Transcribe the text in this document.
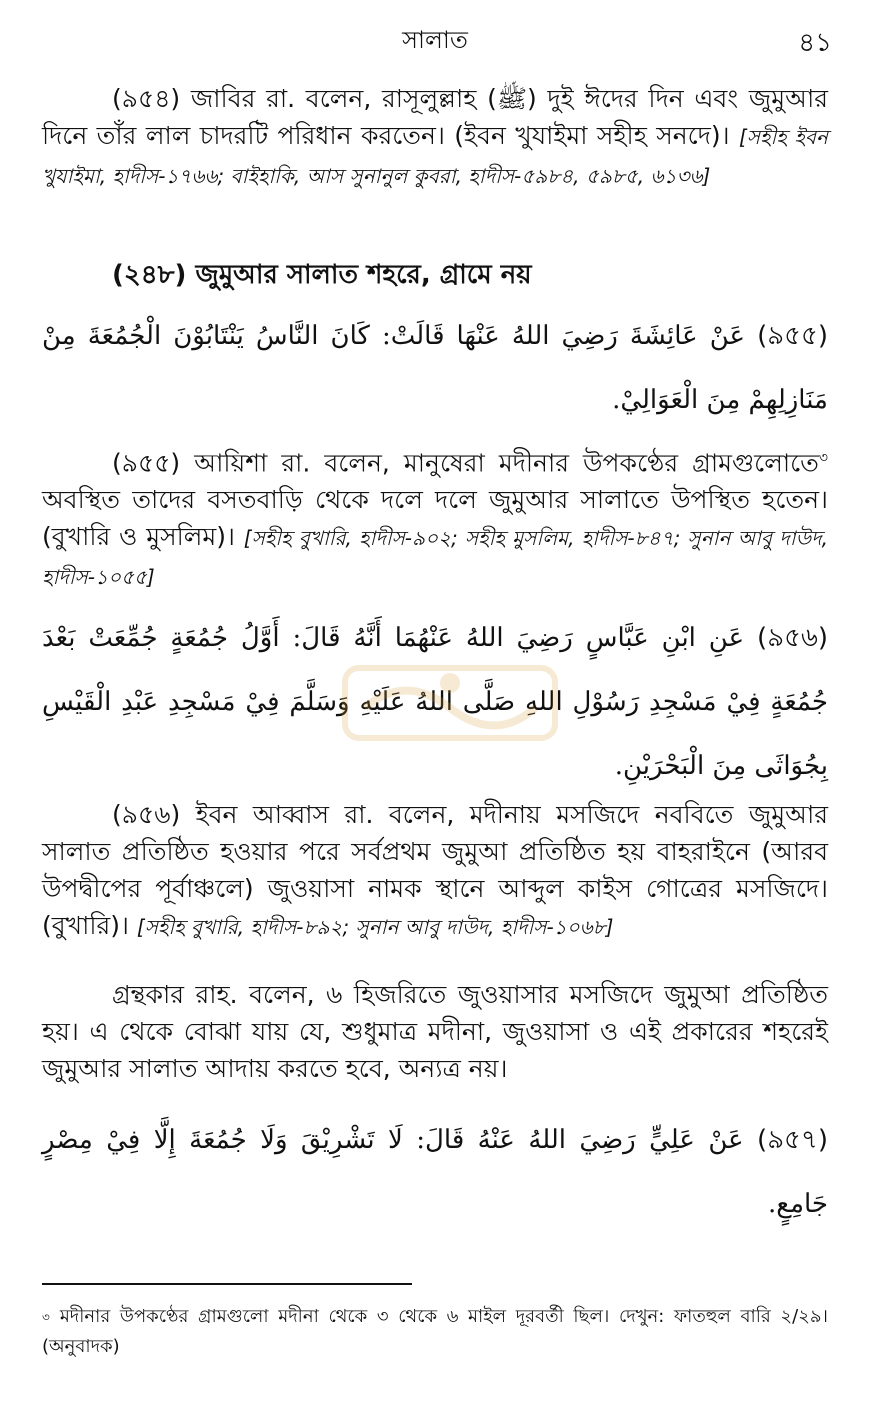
সালাত	৪১

(৯৫৪) জাবির রা. বলেন, রাসূলুল্লাহ (ﷺ) দুই ঈদের দিন এবং জুমুআর দিনে তাঁর লাল চাদরটি পরিধান করতেন। (ইবন খুযাইমা সহীহ সনদে)। [সহীহ ইবন খুযাইমা, হাদীস-১৭৬৬; বাইহাকি, আস সুনানুল কুবরা, হাদীস-৫৯৮৪, ৫৯৮৫, ৬১৩৬]

(২৪৮) জুমুআর সালাত শহরে, গ্রামে নয়

(৯৫৫) عَنْ عَائِشَةَ رَضِيَ اللهُ عَنْهَا قَالَتْ: كَانَ النَّاسُ يَنْتَابُوْنَ الْجُمُعَةَ مِنْ مَنَازِلِهِمْ مِنَ الْعَوَالِيْ.

(৯৫৫) আয়িশা রা. বলেন, মানুষেরা মদীনার উপকণ্ঠের গ্রামগুলোতে$^৩$ অবস্থিত তাদের বসতবাড়ি থেকে দলে দলে জুমুআর সালাতে উপস্থিত হতেন। (বুখারি ও মুসলিম)। [সহীহ বুখারি, হাদীস-৯০২; সহীহ মুসলিম, হাদীস-৮৪৭; সুনান আবু দাউদ, হাদীস-১০৫৫]

(৯৫৬) عَنِ ابْنِ عَبَّاسٍ رَضِيَ اللهُ عَنْهُمَا أَنَّهُ قَالَ: أَوَّلُ جُمُعَةٍ جُمِّعَتْ بَعْدَ جُمُعَةٍ فِيْ مَسْجِدِ رَسُوْلِ اللهِ صَلَّى اللهُ عَلَيْهِ وَسَلَّمَ فِيْ مَسْجِدِ عَبْدِ الْقَيْسِ بِجُوَاثَى مِنَ الْبَحْرَيْنِ.

(৯৫৬) ইবন আব্বাস রা. বলেন, মদীনায় মসজিদে নববিতে জুমুআর সালাত প্রতিষ্ঠিত হওয়ার পরে সর্বপ্রথম জুমুআ প্রতিষ্ঠিত হয় বাহরাইনে (আরব উপদ্বীপের পূর্বাঞ্চলে) জুওয়াসা নামক স্থানে আব্দুল কাইস গোত্রের মসজিদে। (বুখারি)। [সহীহ বুখারি, হাদীস-৮৯২; সুনান আবু দাউদ, হাদীস-১০৬৮]

গ্রন্থকার রাহ. বলেন, ৬ হিজরিতে জুওয়াসার মসজিদে জুমুআ প্রতিষ্ঠিত হয়। এ থেকে বোঝা যায় যে, শুধুমাত্র মদীনা, জুওয়াসা ও এই প্রকারের শহরেই জুমুআর সালাত আদায় করতে হবে, অন্যত্র নয়।

(৯৫৭) عَنْ عَلِيٍّ رَضِيَ اللهُ عَنْهُ قَالَ: لَا تَشْرِيْقَ وَلَا جُمُعَةَ إِلَّا فِيْ مِصْرٍ جَامِعٍ.

$^৩$ মদীনার উপকণ্ঠের গ্রামগুলো মদীনা থেকে ৩ থেকে ৬ মাইল দূরবর্তী ছিল। দেখুন: ফাতহুল বারি ২/২৯। (অনুবাদক)
